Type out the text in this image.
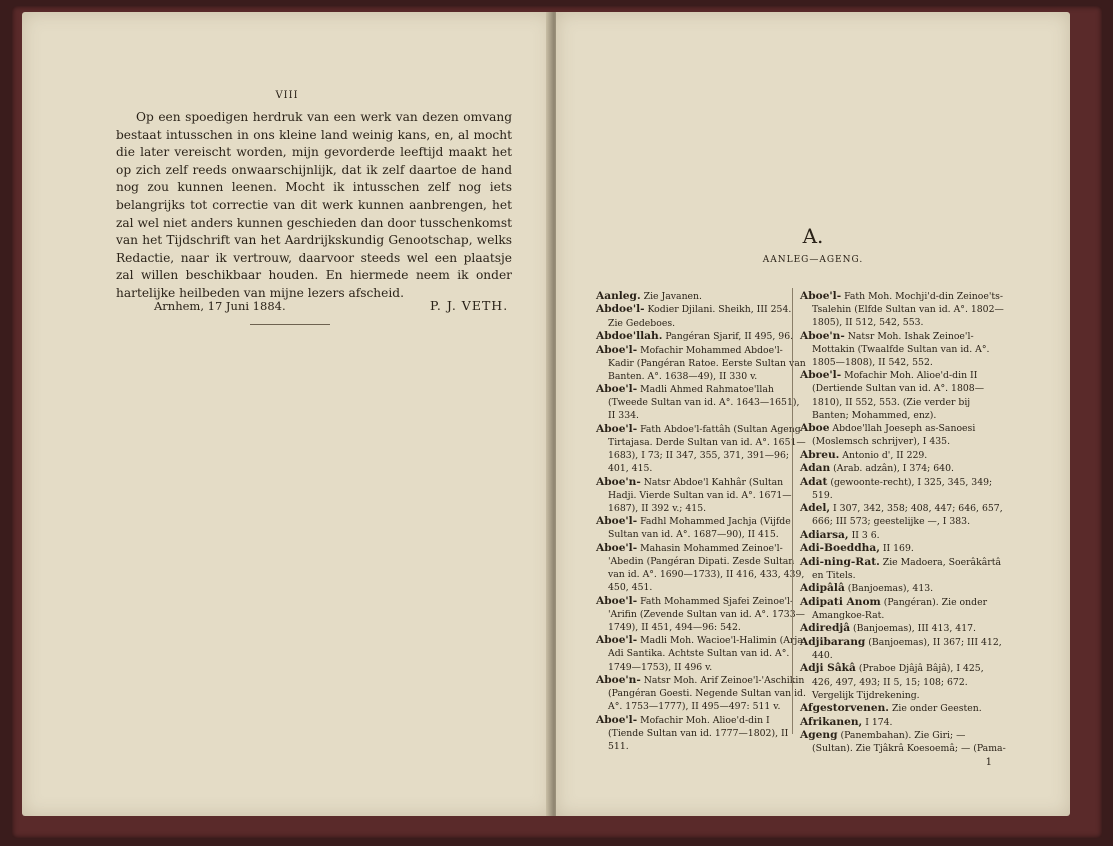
VIII

Op een spoedigen herdruk van een werk van dezen omvang bestaat intusschen in ons kleine land weinig kans, en, al mocht die later vereischt worden, mijn gevorderde leeftijd maakt het op zich zelf reeds onwaarschijnlijk, dat ik zelf daartoe de hand nog zou kunnen leenen. Mocht ik intusschen zelf nog iets belangrijks tot correctie van dit werk kunnen aanbrengen, het zal wel niet anders kunnen geschieden dan door tusschenkomst van het Tijdschrift van het Aardrijkskundig Genootschap, welks Redactie, naar ik vertrouw, daarvoor steeds wel een plaatsje zal willen beschikbaar houden. En hiermede neem ik onder hartelijke heilbeden van mijne lezers afscheid.

Arnhem, 17 Juni 1884.	P. J. VETH.
A.
AANLEG—AGENG.
Aanleg. Zie Javanen.
Abdoe'l- Kodier Djilani. Sheikh, III 254. Zie Gedeboes.
Abdoe'llah. Pangéran Sjarif, II 495, 96.
Aboe'l- Mofachir Mohammed Abdoe'l-Kadir (Pangéran Ratoe. Eerste Sultan van Banten. A°. 1638—49), II 330 v.
Aboe'l- Madli Ahmed Rahmatoe'llah (Tweede Sultan van id. A°. 1643—1651), II 334.
Aboe'l- Fath Abdoe'l-fattâh (Sultan Ageng Tirtajasa. Derde Sultan van id. A°. 1651—1683), I 73; II 347, 355, 371, 391—96; 401, 415.
Aboe'n- Natsr Abdoe'l Kahhâr (Sultan Hadji. Vierde Sultan van id. A°. 1671—1687), II 392 v.; 415.
Aboe'l- Fadhl Mohammed Jachja (Vijfde Sultan van id. A°. 1687—90), II 415.
Aboe'l- Mahasin Mohammed Zeinoe'l-'Abedin (Pangéran Dipati. Zesde Sultan van id. A°. 1690—1733), II 416, 433, 439, 450, 451.
Aboe'l- Fath Mohammed Sjafei Zeinoe'l-'Arifin (Zevende Sultan van id. A°. 1733—1749), II 451, 494—96: 542.
Aboe'l- Madli Moh. Wacioe'l-Halimin (Arja Adi Santika. Achtste Sultan van id. A°. 1749—1753), II 496 v.
Aboe'n- Natsr Moh. Arif Zeinoe'l-'Aschikin (Pangéran Goesti. Negende Sultan van id. A°. 1753—1777), II 495—497: 511 v.
Aboe'l- Mofachir Moh. Alioe'd-din I (Tiende Sultan van id. 1777—1802), II 511.
Aboe'l- Fath Moh. Mochji'd-din Zeinoe'ts-Tsalehin (Elfde Sultan van id. A°. 1802—1805), II 512, 542, 553.
Aboe'n- Natsr Moh. Ishak Zeinoe'l-Mottakin (Twaalfde Sultan van id. A°. 1805—1808), II 542, 552.
Aboe'l- Mofachir Moh. Alioe'd-din II (Dertiende Sultan van id. A°. 1808—1810), II 552, 553. (Zie verder bij Banten; Mohammed, enz).
Aboe Abdoe'llah Joeseph as-Sanoesi (Moslemsch schrijver), I 435.
Abreu. Antonio d', II 229.
Adan (Arab. adzân), I 374; 640.
Adat (gewoonte-recht), I 325, 345, 349; 519.
Adel, I 307, 342, 358; 408, 447; 646, 657, 666; III 573; geestelijke —, I 383.
Adiarsa, II 3 6.
Adi-Boeddha, II 169.
Adi-ning-Rat. Zie Madoera, Soerâkârtâ en Titels.
Adipâlâ (Banjoemas), 413.
Adipati Anom (Pangéran). Zie onder Amangkoe-Rat.
Adiredjâ (Banjoemas), III 413, 417.
Adjibarang (Banjoemas), II 367; III 412, 440.
Adji Sâkâ (Praboe Djâjâ Bâjâ), I 425, 426, 497, 493; II 5, 15; 108; 672. Vergelijk Tijdrekening.
Afgestorvenen. Zie onder Geesten.
Afrikanen, I 174.
Ageng (Panembahan). Zie Giri; — (Sultan). Zie Tjâkrâ Koesoemâ; — (Pama-
1
